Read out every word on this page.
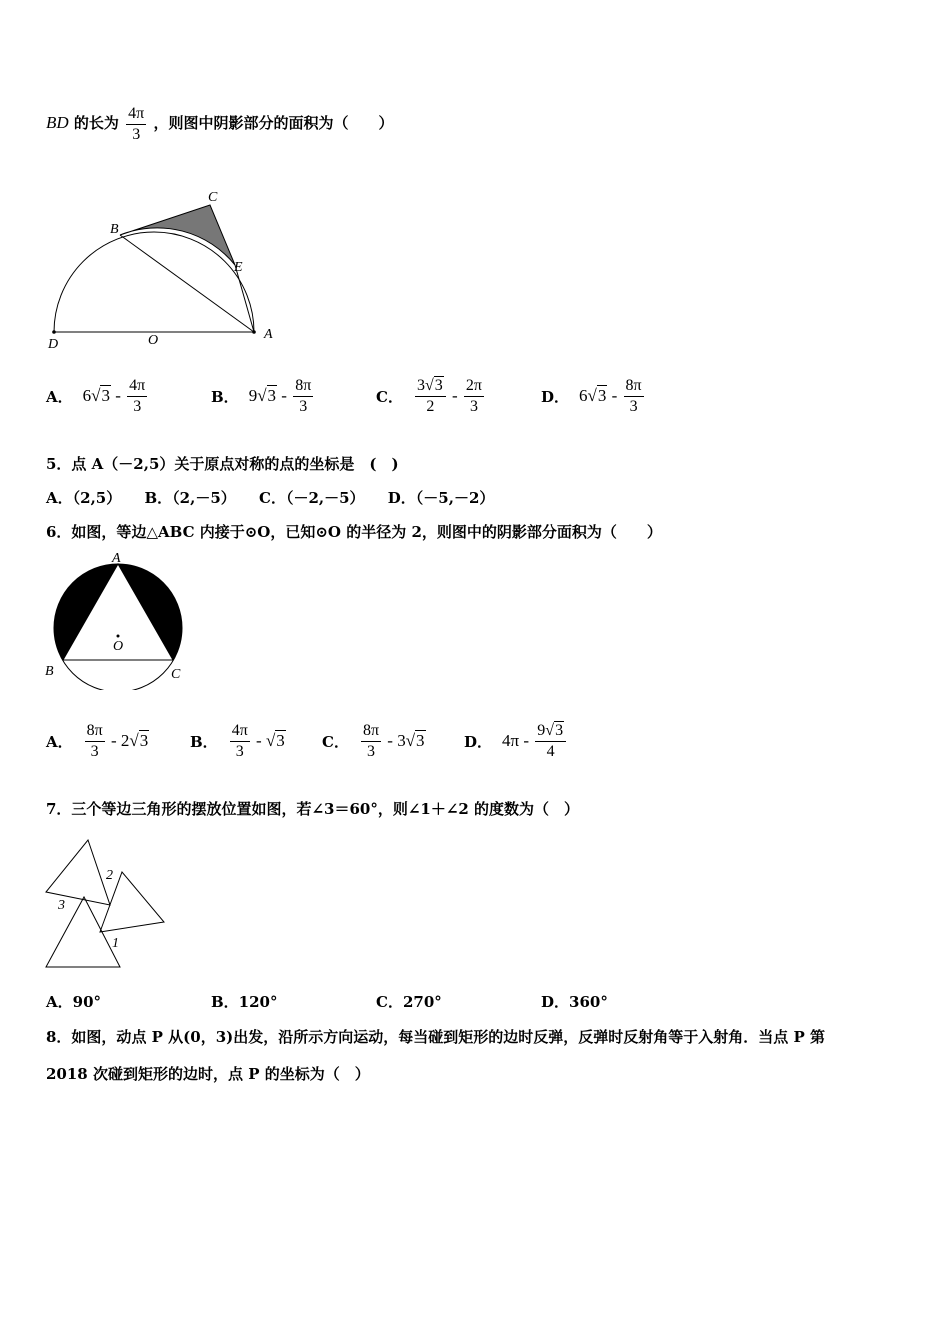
BD 的长为 $\frac{4\pi}{3}$ ，则图中阴影部分的面积为（　　）
B
C
E
D	O	A
A． 6 $√3 - \frac{4\pi}{3}$	B． 9 $√3 - \frac{8\pi}{3}$	C． $\frac{3√3}{2} - \frac{2\pi}{3}$	D． 6 $√3 - \frac{8\pi}{3}$
5．点 A（－2,5）关于原点对称的点的坐标是　(　)
A．（2,5） B．（2,－5） C．（－2,－5） D．（－5,－2）
6．如图，等边△ABC 内接于⊙O，已知⊙O 的半径为 2，则图中的阴影部分面积为（　　）
A
B	C
O
A． $\frac{8\pi}{3} - 2$ √3	B． $\frac{4\pi}{3} - √3$ C． $\frac{8\pi}{3} - 3$ √3	D． $4\pi - \frac{9√3}{4}$
7．三个等边三角形的摆放位置如图，若∠3＝60°，则∠1＋∠2 的度数为（　）
2
3
1
A．90°	B．120°	C．270°	D．360°
8．如图，动点 P 从(0，3)出发，沿所示方向运动，每当碰到矩形的边时反弹，反弹时反射角等于入射角．当点 P 第
2018 次碰到矩形的边时，点 P 的坐标为（　）
